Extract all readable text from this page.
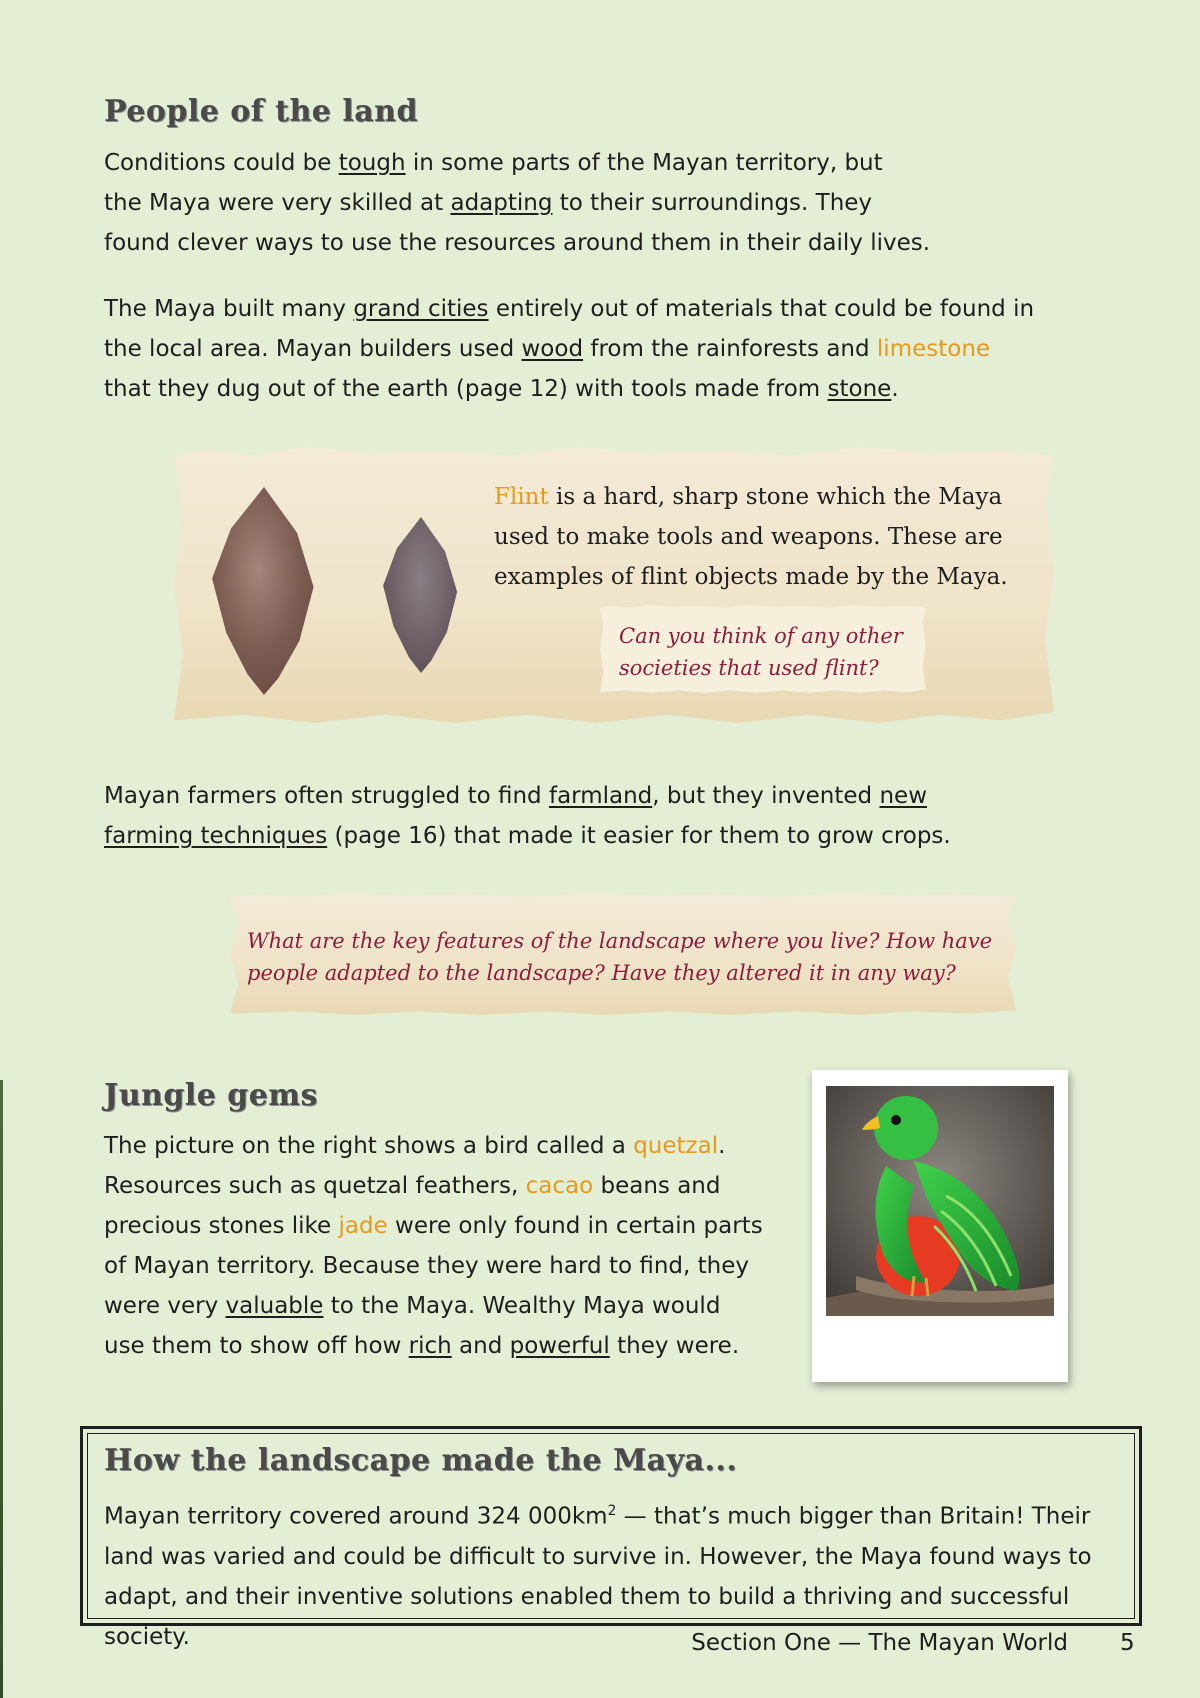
People of the land

Conditions could be tough in some parts of the Mayan territory, but
the Maya were very skilled at adapting to their surroundings. They
found clever ways to use the resources around them in their daily lives.

The Maya built many grand cities entirely out of materials that could be found in
the local area. Mayan builders used wood from the rainforests and limestone
that they dug out of the earth (page 12) with tools made from stone.

Flint is a hard, sharp stone which the Maya
used to make tools and weapons. These are
examples of flint objects made by the Maya.

Can you think of any other
societies that used flint?

Mayan farmers often struggled to find farmland, but they invented new
farming techniques (page 16) that made it easier for them to grow crops.

What are the key features of the landscape where you live? How have
people adapted to the landscape? Have they altered it in any way?

Jungle gems

The picture on the right shows a bird called a quetzal.
Resources such as quetzal feathers, cacao beans and
precious stones like jade were only found in certain parts
of Mayan territory. Because they were hard to find, they
were very valuable to the Maya. Wealthy Maya would
use them to show off how rich and powerful they were.

How the landscape made the Maya...

Mayan territory covered around 324 $000km^2$ — that’s much bigger than Britain! Their
land was varied and could be difficult to survive in. However, the Maya found ways to
adapt, and their inventive solutions enabled them to build a thriving and successful society.	Section One — The Mayan World 5
